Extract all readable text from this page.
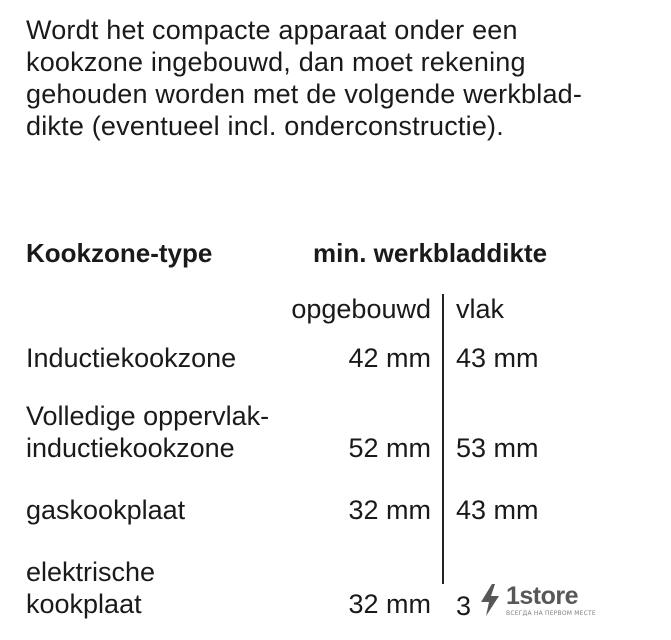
Wordt het compacte apparaat onder een
kookzone ingebouwd, dan moet rekening
gehouden worden met de volgende werkblad-
dikte (eventueel incl. onderconstructie).
Kookzone-type	min. werkbladdikte
opgebouwd vlak
Inductiekookzone	42 mm 43 mm
Volledige oppervlak-
inductiekookzone	52 mm 53 mm
gaskookplaat	32 mm 43 mm
elektrische
kookplaat	32 mm 3 1store
ВСЕГДА НА ПЕРВОМ МЕСТЕ
